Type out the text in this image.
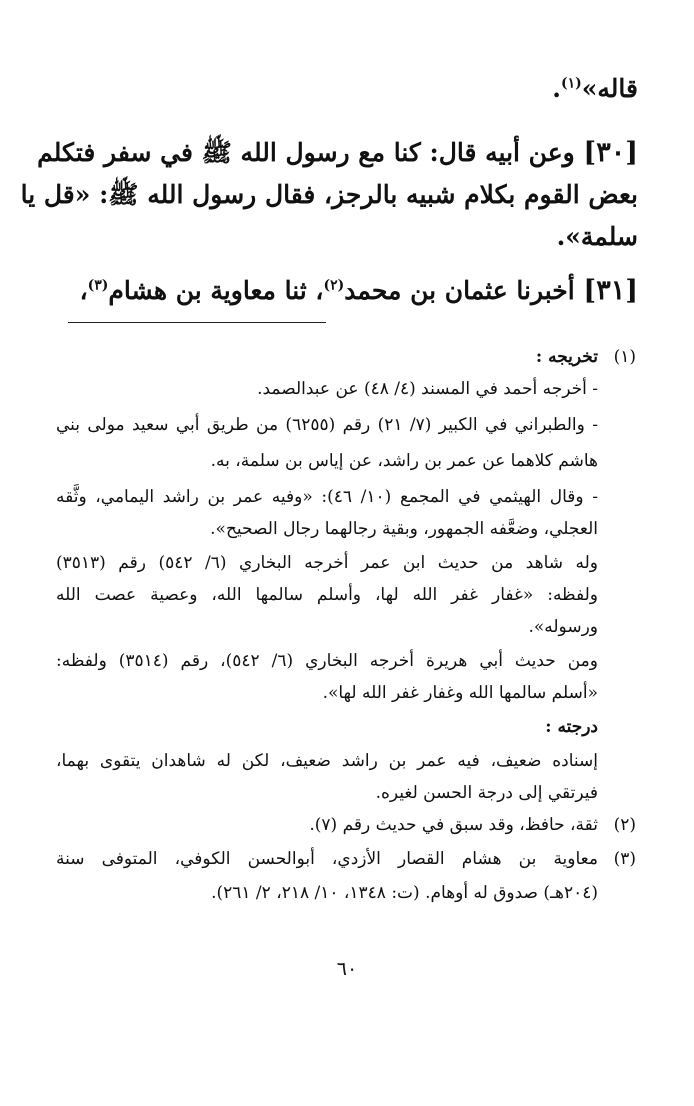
قاله»$^{(١)}$.
[٣٠] وعن أبيه قال: كنا مع رسول الله ﷺ في سفر فتكلم
بعض القوم بكلام شبيه بالرجز، فقال رسول الله ﷺ: «قل يا
سلمة».
[٣١] أخبرنا عثمان بن محمد$^{(٢)}$، ثنا معاوية بن هشام$^{(٣)}$،
(١)
تخريجه :
- أخرجه أحمد في المسند (٤/ ٤٨) عن عبدالصمد.
- والطبراني في الكبير (٧/ ٢١) رقم (٦٢٥٥) من طريق أبي سعيد مولى بني
هاشم كلاهما عن عمر بن راشد، عن إياس بن سلمة، به.
- وقال الهيثمي في المجمع (١٠/ ٤٦): «وفيه عمر بن راشد اليمامي، وثَّقه
العجلي، وضعَّفه الجمهور، وبقية رجالهما رجال الصحيح».
وله شاهد من حديث ابن عمر أخرجه البخاري (٦/ ٥٤٢) رقم (٣٥١٣)
ولفظه: «غفار غفر الله لها، وأسلم سالمها الله، وعصية عصت الله
ورسوله».
ومن حديث أبي هريرة أخرجه البخاري (٦/ ٥٤٢)، رقم (٣٥١٤) ولفظه:
«أسلم سالمها الله وغفار غفر الله لها».
درجته :
إسناده ضعيف، فيه عمر بن راشد ضعيف، لكن له شاهدان يتقوى بهما،
فيرتقي إلى درجة الحسن لغيره.
(٢)
ثقة، حافظ، وقد سبق في حديث رقم (٧).
(٣)
معاوية بن هشام القصار الأزدي، أبوالحسن الكوفي، المتوفى سنة
(٢٠٤هـ) صدوق له أوهام. (ت: ١٣٤٨، ١٠/ ٢١٨، ٢/ ٢٦١).
٦٠
